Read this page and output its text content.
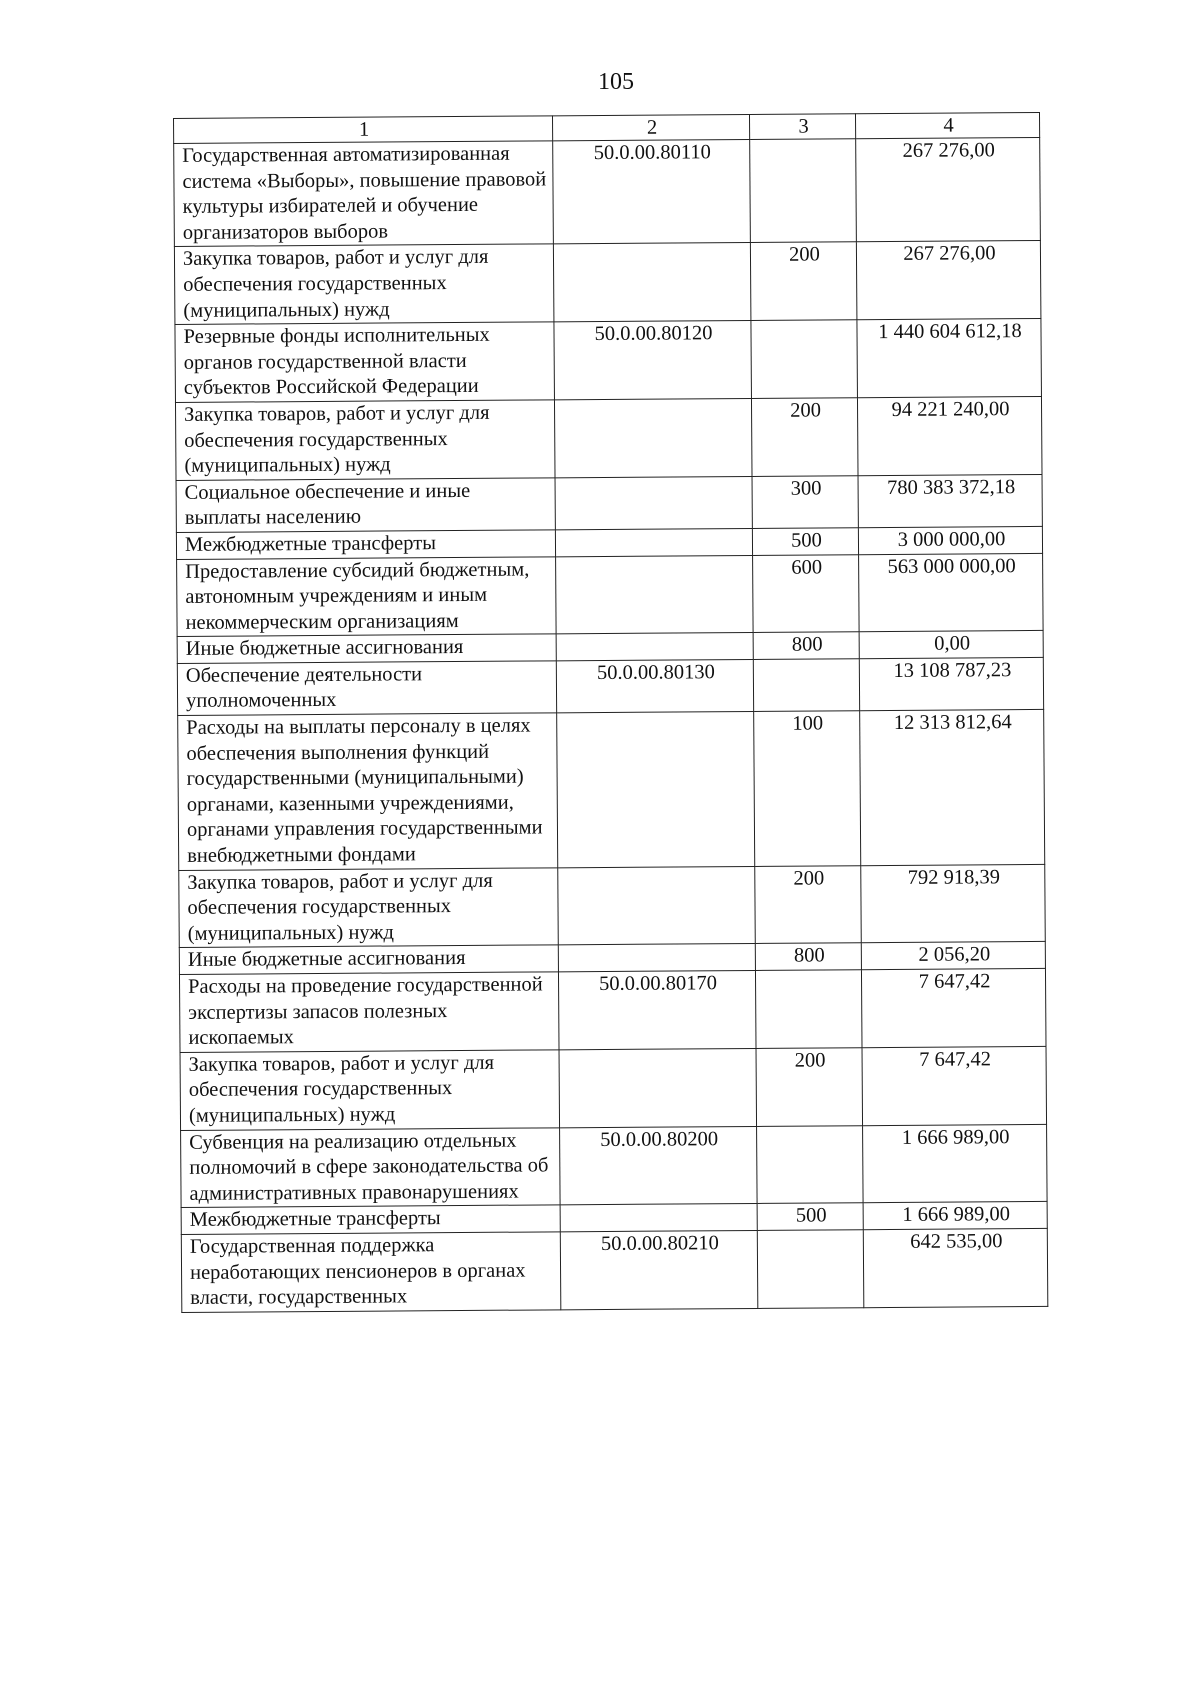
105
1	2	3	4
Государственная автоматизированная система «Выборы», повышение правовой культуры избирателей и обучение организаторов выборов	50.0.00.80110		267 276,00
Закупка товаров, работ и услуг для обеспечения государственных (муниципальных) нужд		200	267 276,00
Резервные фонды исполнительных органов государственной власти субъектов Российской Федерации	50.0.00.80120		1 440 604 612,18
Закупка товаров, работ и услуг для обеспечения государственных (муниципальных) нужд		200	94 221 240,00
Социальное обеспечение и иные выплаты населению		300	780 383 372,18
Межбюджетные трансферты		500	3 000 000,00
Предоставление субсидий бюджетным, автономным учреждениям и иным некоммерческим организациям		600	563 000 000,00
Иные бюджетные ассигнования		800	0,00
Обеспечение деятельности уполномоченных	50.0.00.80130		13 108 787,23
Расходы на выплаты персоналу в целях обеспечения выполнения функций государственными (муниципальными) органами, казенными учреждениями, органами управления государственными внебюджетными фондами		100	12 313 812,64
Закупка товаров, работ и услуг для обеспечения государственных (муниципальных) нужд		200	792 918,39
Иные бюджетные ассигнования		800	2 056,20
Расходы на проведение государственной экспертизы запасов полезных ископаемых	50.0.00.80170		7 647,42
Закупка товаров, работ и услуг для обеспечения государственных (муниципальных) нужд		200	7 647,42
Субвенция на реализацию отдельных полномочий в сфере законодательства об административных правонарушениях	50.0.00.80200		1 666 989,00
Межбюджетные трансферты		500	1 666 989,00
Государственная поддержка неработающих пенсионеров в органах власти, государственных	50.0.00.80210		642 535,00
